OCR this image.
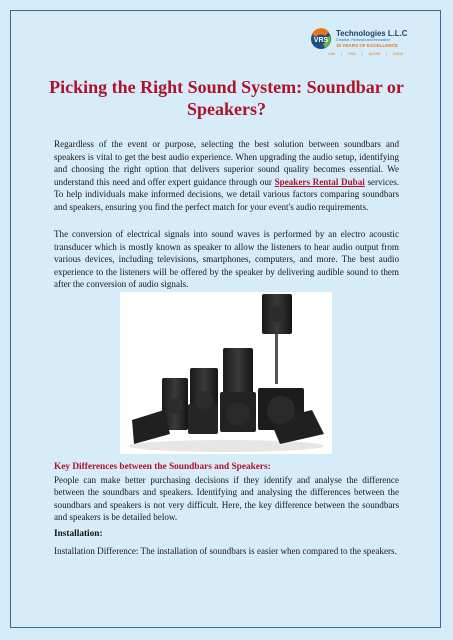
VRS
Technologies L.L.C
Creative, Relevant and Innovative
15 YEARS OF EXCELLENCE
UAE | KSA | QATAR | INDIA
Picking the Right Sound System: Soundbar or Speakers?

Regardless of the event or purpose, selecting the best solution between soundbars and speakers is vital to get the best audio experience. When upgrading the audio setup, identifying and choosing the right option that delivers superior sound quality becomes essential. We understand this need and offer expert guidance through our Speakers Rental Dubai services. To help individuals make informed decisions, we detail various factors comparing soundbars and speakers, ensuring you find the perfect match for your event's audio requirements.

The conversion of electrical signals into sound waves is performed by an electro acoustic transducer which is mostly known as speaker to allow the listeners to hear audio output from various devices, including televisions, smartphones, computers, and more. The best audio experience to the listeners will be offered by the speaker by delivering audible sound to them after the conversion of audio signals.

Key Differences between the Soundbars and Speakers:

People can make better purchasing decisions if they identify and analyse the difference between the soundbars and speakers. Identifying and analysing the differences between the soundbars and speakers is not very difficult. Here, the key difference between the soundbars and speakers is be detailed below.

Installation:

Installation Difference: The installation of soundbars is easier when compared to the speakers.
